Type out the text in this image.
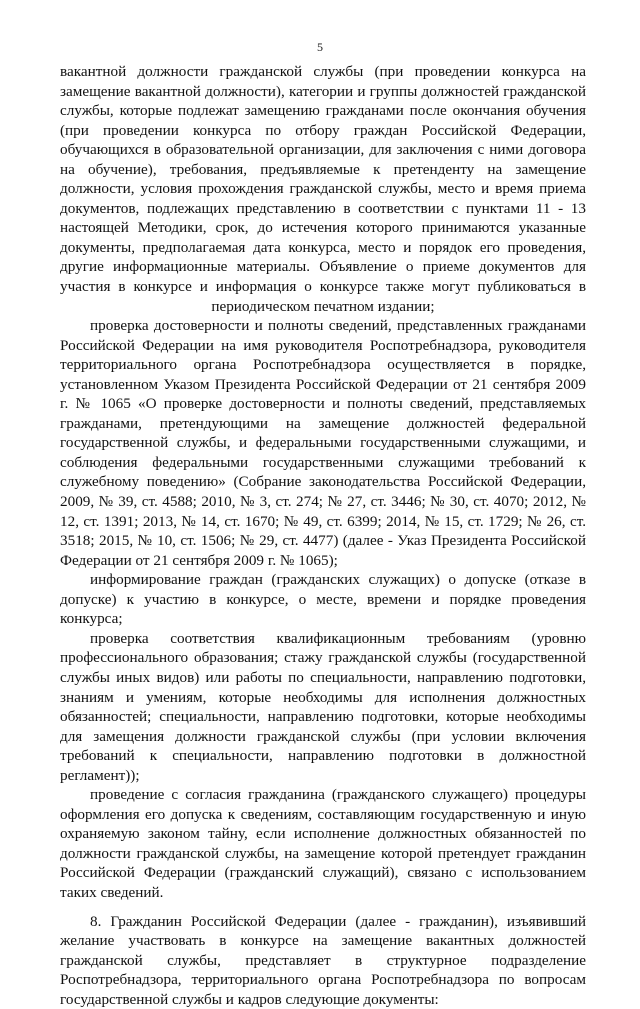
5

вакантной должности гражданской службы (при проведении конкурса на замещение вакантной должности), категории и группы должностей гражданской службы, которые подлежат замещению гражданами после окончания обучения (при проведении конкурса по отбору граждан Российской Федерации, обучающихся в образовательной организации, для заключения с ними договора на обучение), требования, предъявляемые к претенденту на замещение должности, условия прохождения гражданской службы, место и время приема документов, подлежащих представлению в соответствии с пунктами 11 - 13 настоящей Методики, срок, до истечения которого принимаются указанные документы, предполагаемая дата конкурса, место и порядок его проведения, другие информационные материалы. Объявление о приеме документов для участия в конкурсе и информация о конкурсе также могут публиковаться в периодическом печатном издании;

проверка достоверности и полноты сведений, представленных гражданами Российской Федерации на имя руководителя Роспотребнадзора, руководителя территориального органа Роспотребнадзора осуществляется в порядке, установленном Указом Президента Российской Федерации от 21 сентября 2009 г. № 1065 «О проверке достоверности и полноты сведений, представляемых гражданами, претендующими на замещение должностей федеральной государственной службы, и федеральными государственными служащими, и соблюдения федеральными государственными служащими требований к служебному поведению» (Собрание законодательства Российской Федерации, 2009, № 39, ст. 4588; 2010, № 3, ст. 274; № 27, ст. 3446; № 30, ст. 4070; 2012, № 12, ст. 1391; 2013, № 14, ст. 1670; № 49, ст. 6399; 2014, № 15, ст. 1729; № 26, ст. 3518; 2015, № 10, ст. 1506; № 29, ст. 4477) (далее - Указ Президента Российской Федерации от 21 сентября 2009 г. № 1065);

информирование граждан (гражданских служащих) о допуске (отказе в допуске) к участию в конкурсе, о месте, времени и порядке проведения конкурса;

проверка соответствия квалификационным требованиям (уровню профессионального образования; стажу гражданской службы (государственной службы иных видов) или работы по специальности, направлению подготовки, знаниям и умениям, которые необходимы для исполнения должностных обязанностей; специальности, направлению подготовки, которые необходимы для замещения должности гражданской службы (при условии включения требований к специальности, направлению подготовки в должностной регламент));

проведение с согласия гражданина (гражданского служащего) процедуры оформления его допуска к сведениям, составляющим государственную и иную охраняемую законом тайну, если исполнение должностных обязанностей по должности гражданской службы, на замещение которой претендует гражданин Российской Федерации (гражданский служащий), связано с использованием таких сведений.

8. Гражданин Российской Федерации (далее - гражданин), изъявивший желание участвовать в конкурсе на замещение вакантных должностей гражданской службы, представляет в структурное подразделение Роспотребнадзора, территориального органа Роспотребнадзора по вопросам государственной службы и кадров следующие документы:
